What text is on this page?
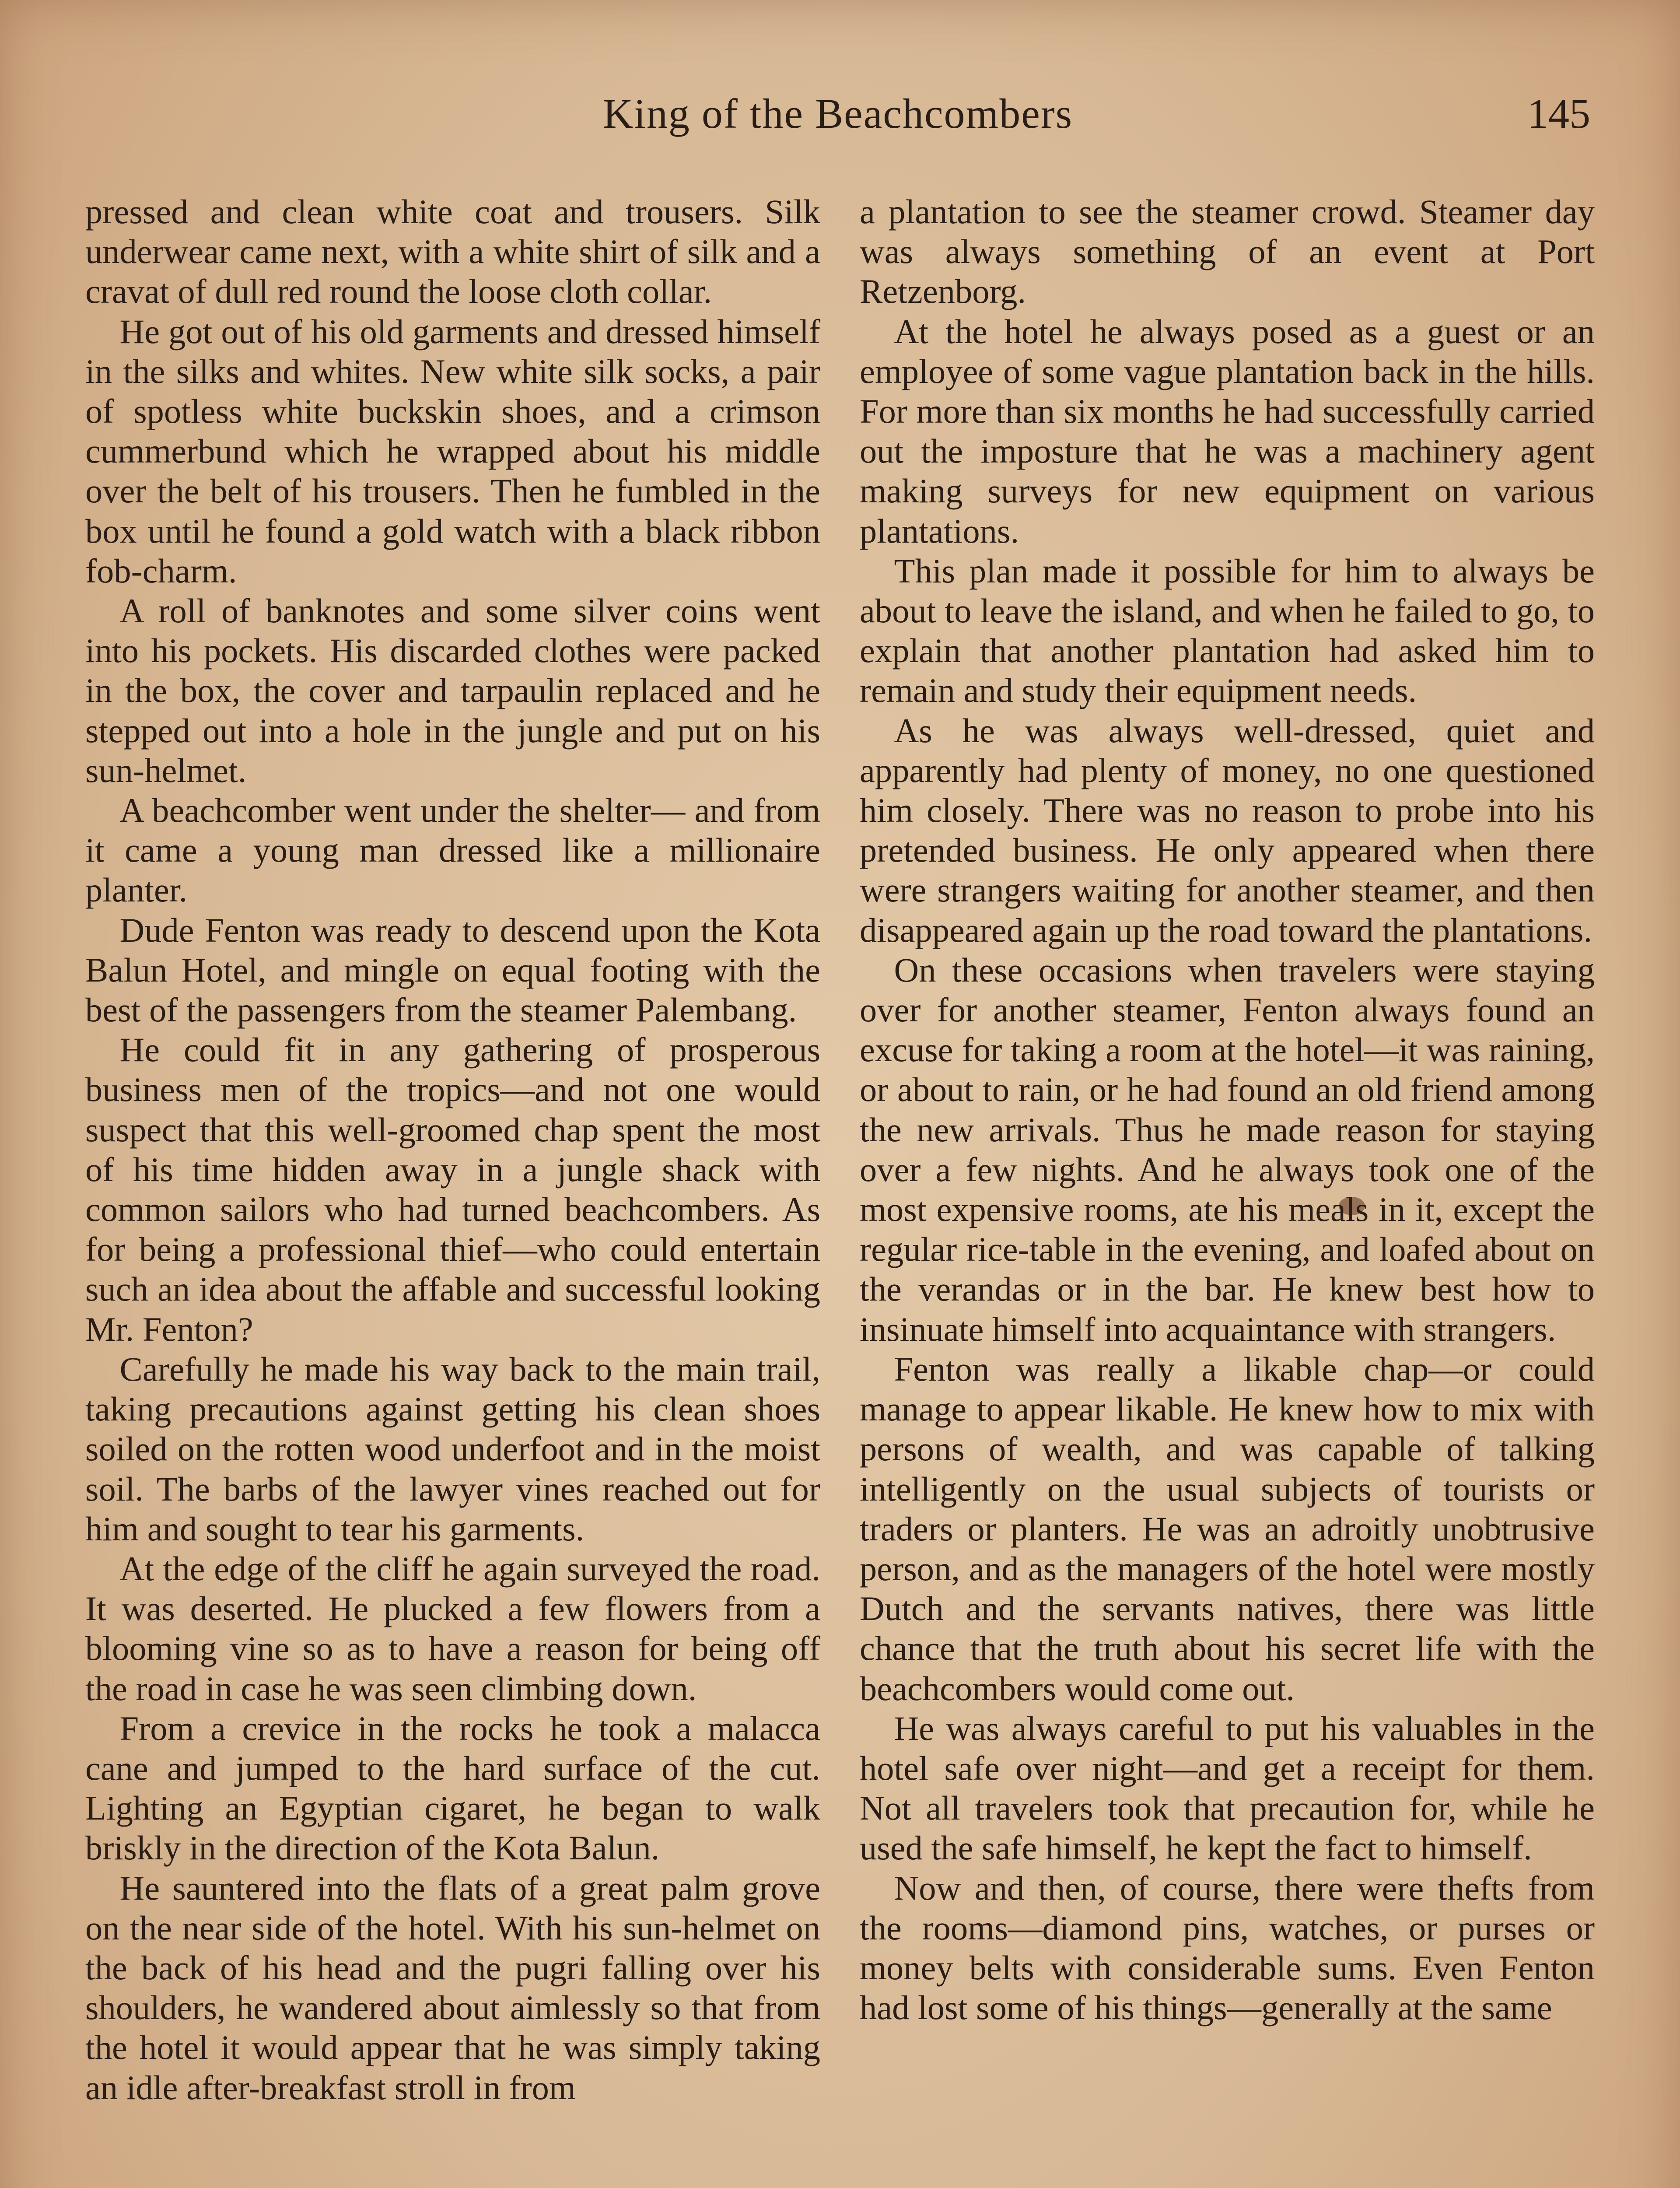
King of the Beachcombers	145

pressed and clean white coat and trousers. Silk underwear came next, with a white shirt of silk and a cravat of dull red round the loose cloth collar.

He got out of his old garments and dressed himself in the silks and whites. New white silk socks, a pair of spotless white buckskin shoes, and a crimson cummerbund which he wrapped about his middle over the belt of his trousers. Then he fumbled in the box until he found a gold watch with a black ribbon fob-charm.

A roll of banknotes and some silver coins went into his pockets. His discarded clothes were packed in the box, the cover and tarpaulin replaced and he stepped out into a hole in the jungle and put on his sun-helmet.

A beachcomber went under the shelter— and from it came a young man dressed like a millionaire planter.

Dude Fenton was ready to descend upon the Kota Balun Hotel, and mingle on equal footing with the best of the passengers from the steamer Palembang.

He could fit in any gathering of prosperous business men of the tropics—and not one would suspect that this well-groomed chap spent the most of his time hidden away in a jungle shack with common sailors who had turned beachcombers. As for being a professional thief—who could entertain such an idea about the affable and successful looking Mr. Fenton?

Carefully he made his way back to the main trail, taking precautions against getting his clean shoes soiled on the rotten wood underfoot and in the moist soil. The barbs of the lawyer vines reached out for him and sought to tear his garments.

At the edge of the cliff he again surveyed the road. It was deserted. He plucked a few flowers from a blooming vine so as to have a reason for being off the road in case he was seen climbing down.

From a crevice in the rocks he took a malacca cane and jumped to the hard surface of the cut. Lighting an Egyptian cigaret, he began to walk briskly in the direction of the Kota Balun.

He sauntered into the flats of a great palm grove on the near side of the hotel. With his sun-helmet on the back of his head and the pugri falling over his shoulders, he wandered about aimlessly so that from the hotel it would appear that he was simply taking an idle after-breakfast stroll in from

a plantation to see the steamer crowd. Steamer day was always something of an event at Port Retzenborg.

At the hotel he always posed as a guest or an employee of some vague plantation back in the hills. For more than six months he had successfully carried out the imposture that he was a machinery agent making surveys for new equipment on various plantations.

This plan made it possible for him to always be about to leave the island, and when he failed to go, to explain that another plantation had asked him to remain and study their equipment needs.

As he was always well-dressed, quiet and apparently had plenty of money, no one questioned him closely. There was no reason to probe into his pretended business. He only appeared when there were strangers waiting for another steamer, and then disappeared again up the road toward the plantations.

On these occasions when travelers were staying over for another steamer, Fenton always found an excuse for taking a room at the hotel—it was raining, or about to rain, or he had found an old friend among the new arrivals. Thus he made reason for staying over a few nights. And he always took one of the most expensive rooms, ate his meals in it, except the regular rice-table in the evening, and loafed about on the verandas or in the bar. He knew best how to insinuate himself into acquaintance with strangers.

Fenton was really a likable chap—or could manage to appear likable. He knew how to mix with persons of wealth, and was capable of talking intelligently on the usual subjects of tourists or traders or planters. He was an adroitly unobtrusive person, and as the managers of the hotel were mostly Dutch and the servants natives, there was little chance that the truth about his secret life with the beachcombers would come out.

He was always careful to put his valuables in the hotel safe over night—and get a receipt for them. Not all travelers took that precaution for, while he used the safe himself, he kept the fact to himself.

Now and then, of course, there were thefts from the rooms—diamond pins, watches, or purses or money belts with considerable sums. Even Fenton had lost some of his things—generally at the same
